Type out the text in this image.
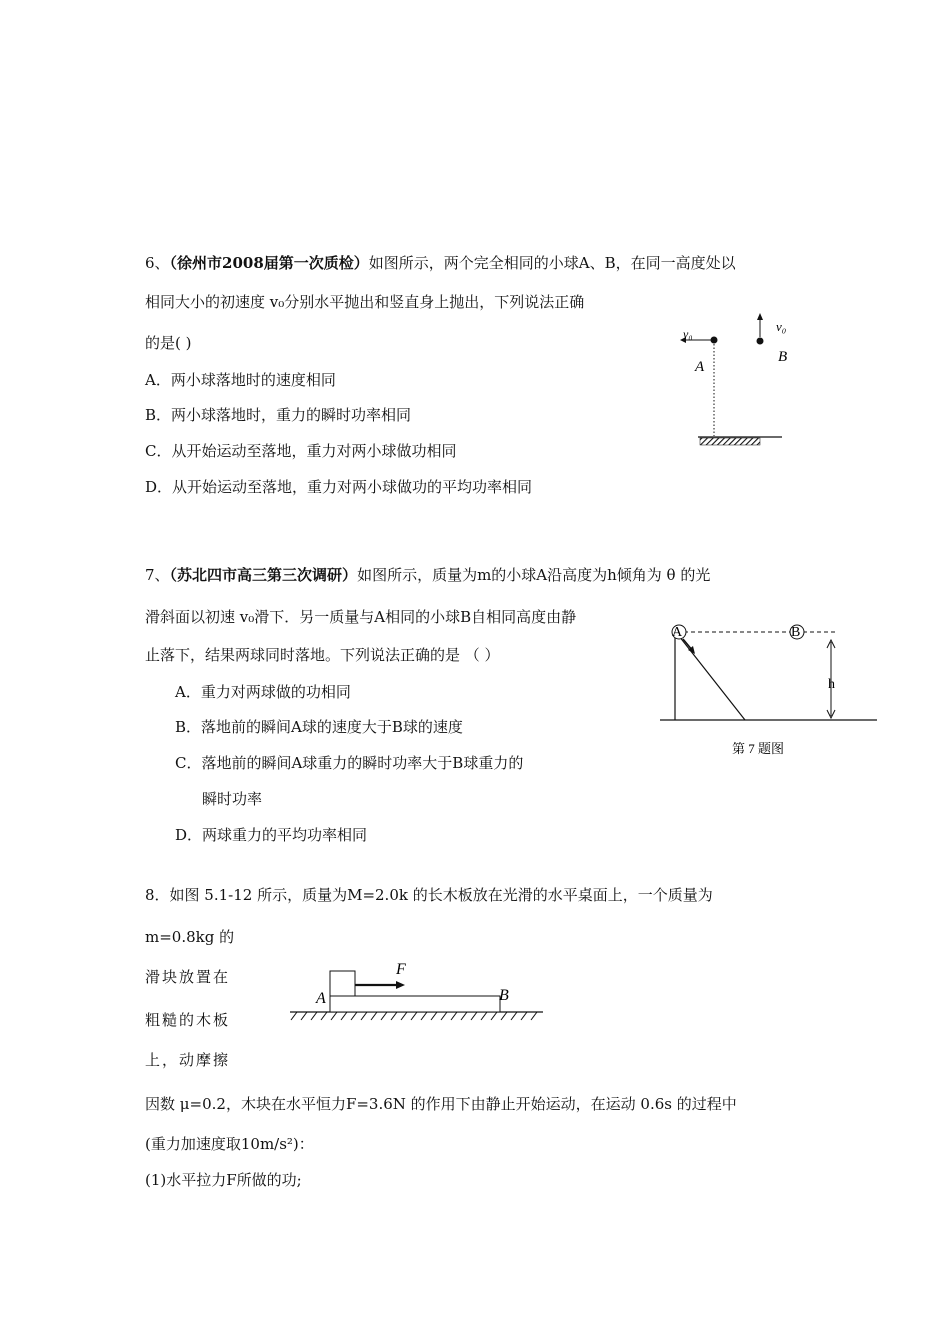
6、（徐州市2008届第一次质检）如图所示，两个完全相同的小球A、B，在同一高度处以
相同大小的初速度 v₀分别水平抛出和竖直身上抛出，下列说法正确
的是( )
A．两小球落地时的速度相同
B．两小球落地时，重力的瞬时功率相同
C．从开始运动至落地，重力对两小球做功相同
D．从开始运动至落地，重力对两小球做功的平均功率相同
v₀	v₀
A
B
7、（苏北四市高三第三次调研）如图所示，质量为m的小球A沿高度为h倾角为 θ 的光
滑斜面以初速 v₀滑下．另一质量与A相同的小球B自相同高度由静
止落下，结果两球同时落地。下列说法正确的是 （ ）
A．重力对两球做的功相同
B．落地前的瞬间A球的速度大于B球的速度
C．落地前的瞬间A球重力的瞬时功率大于B球重力的
瞬时功率
D．两球重力的平均功率相同
A	B
h
第 7 题图
8．如图 5.1-12 所示，质量为M=2.0k 的长木板放在光滑的水平桌面上，一个质量为
m=0.8kg 的
滑块放置在
粗糙的木板
上，动摩擦
因数 μ=0.2，木块在水平恒力F=3.6N 的作用下由静止开始运动，在运动 0.6s 的过程中
(重力加速度取10m/s²)：
(1)水平拉力F所做的功;
A	B
F
